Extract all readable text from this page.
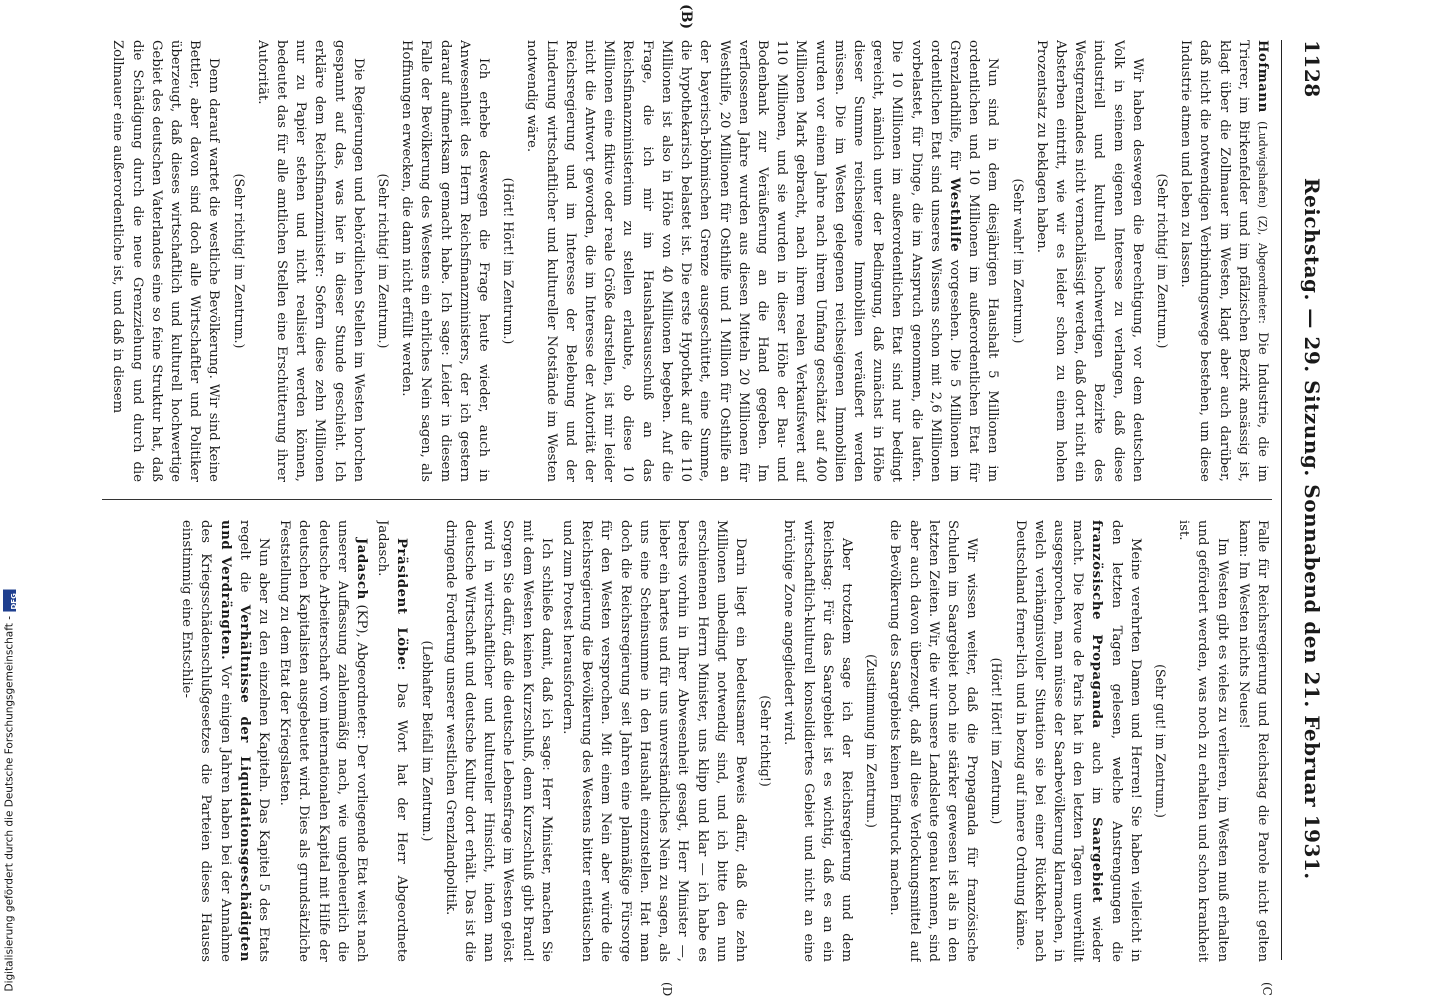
1128
Reichstag. — 29. Sitzung. Sonnabend den 21. Februar 1931.
(B)
(C
(D

Hofmann (Ludwigshafen) (Z), Abgeordneter: Die Industrie, die im Trierer, im Birkenfelder und im pfälzischen Bezirk ansässig ist, klagt über die Zollmauer im Westen, klagt aber auch darüber, daß nicht die notwendigen Verbindungswege bestehen, um diese Industrie atmen und leben zu lassen.

(Sehr richtig! im Zentrum.)

Wir haben deswegen die Berechtigung, vor dem deutschen Volk in seinem eigenen Interesse zu verlangen, daß diese industriell und kulturell hochwertigen Bezirke des Westgrenzlandes nicht vernachlässigt werden, daß dort nicht ein Absterben eintritt, wie wir es leider schon zu einem hohen Prozentsatz zu beklagen haben.

(Sehr wahr! im Zentrum.)

Nun sind in dem diesjährigen Haushalt 5 Millionen im ordentlichen und 10 Millionen im außerordentlichen Etat für Grenzlandhilfe, für Westhilfe vorgesehen. Die 5 Millionen im ordentlichen Etat sind unseres Wissens schon mit 2,6 Millionen vorbelastet, für Dinge, die im Anspruch genommen, die laufen. Die 10 Millionen im außerordentlichen Etat sind nur bedingt gereicht, nämlich unter der Bedingung, daß zunächst in Höhe dieser Summe reichseigene Immobilien veräußert werden müssen. Die im Westen gelegenen reichseigenen Immobilien wurden vor einem Jahre nach ihrem Umfang geschätzt auf 400 Millionen Mark gebracht, nach ihrem realen Verkaufswert auf 110 Millionen, und sie wurden in dieser Höhe der Bau- und Bodenbank zur Veräußerung an die Hand gegeben. Im verflossenen Jahre wurden aus diesen Mitteln 20 Millionen für Westhilfe, 20 Millionen für Osthilfe und 1 Million für Osthilfe an der bayerisch-böhmischen Grenze ausgeschüttet, eine Summe, die hypothekarisch belastet ist. Die erste Hypothek auf die 110 Millionen ist also in Höhe von 40 Millionen begeben. Auf die Frage, die ich mir im Haushaltsausschuß an das Reichsfinanzministerium zu stellen erlaubte, ob diese 10 Millionen eine fiktive oder reale Größe darstellen, ist mir leider nicht die Antwort geworden, die im Interesse der Autorität der Reichsregierung und im Interesse der Belebung und der Linderung wirtschaftlicher und kultureller Notstände im Westen notwendig wäre.

(Hört! Hört! im Zentrum.)

Ich erhebe deswegen die Frage heute wieder, auch in Anwesenheit des Herrn Reichsfinanzministers, der ich gestern darauf aufmerksam gemacht habe. Ich sage: Leider in diesem Falle der Bevölkerung des Westens ein ehrliches Nein sagen, als Hoffnungen erwecken, die dann nicht erfüllt werden.

(Sehr richtig! im Zentrum.)

Die Regierungen und behördlichen Stellen im Westen horchen gespannt auf das, was hier in dieser Stunde geschieht. Ich erkläre dem Reichsfinanzminister: Sofern diese zehn Millionen nur zu Papier stehen und nicht realisiert werden können, bedeutet das für alle amtlichen Stellen eine Erschütterung ihrer Autorität.

(Sehr richtig! im Zentrum.)

Denn darauf wartet die westliche Bevölkerung. Wir sind keine Bettler, aber davon sind doch alle Wirtschaftler und Politiker überzeugt, daß dieses wirtschaftlich und kulturell hochwertige Gebiet des deutschen Vaterlandes eine so feine Struktur hat, daß die Schädigung durch die neue Grenzziehung und durch die Zollmauer eine außerordentliche ist, und daß in diesem

Falle für Reichsregierung und Reichstag die Parole nicht gelten kann: Im Westen nichts Neues!

Im Westen gibt es vieles zu verlieren, im Westen muß erhalten und gefördert werden, was noch zu erhalten und schon krankheit ist.

(Sehr gut! im Zentrum.)

Meine verehrten Damen und Herren! Sie haben vielleicht in den letzten Tagen gelesen, welche Anstrengungen die französische Propaganda auch im Saargebiet wieder macht. Die Revue de Paris hat in den letzten Tagen unverhüllt ausgesprochen, man müsse der Saarbevölkerung klarmachen, in welch verhängnisvoller Situation sie bei einer Rückkehr nach Deutschland ferner-lich und in bezug auf innere Ordnung käme.

(Hört! Hört! im Zentrum.)

Wir wissen weiter, daß die Propaganda für französische Schulen im Saargebiet noch nie stärker gewesen ist als in den letzten Zeiten. Wir, die wir unsere Landsleute genau kennen, sind aber auch davon überzeugt, daß all diese Verlockungsmittel auf die Bevölkerung des Saargebiets keinen Eindruck machen.

(Zustimmung im Zentrum.)

Aber trotzdem sage ich der Reichsregierung und dem Reichstag: Für das Saargebiet ist es wichtig, daß es an ein wirtschaftlich-kulturell konsolidiertes Gebiet und nicht an eine brüchige Zone angegliedert wird.

(Sehr richtig!)

Darin liegt ein bedeutsamer Beweis dafür, daß die zehn Millionen unbedingt notwendig sind, und ich bitte den nun erschienenen Herrn Minister, uns klipp und klar — ich habe es bereits vorhin in Ihrer Abwesenheit gesagt, Herr Minister —, lieber ein hartes und für uns unverständliches Nein zu sagen, als uns eine Scheinsumme in den Haushalt einzustellen. Hat man doch die Reichsregierung seit Jahren eine planmäßige Fürsorge für den Westen versprochen. Mit einem Nein aber würde die Reichsregierung die Bevölkerung des Westens bitter enttäuschen und zum Protest herausfordern.

Ich schließe damit, daß ich sage: Herr Minister, machen Sie mit dem Westen keinen Kurzschluß, denn Kurzschluß gibt Brand! Sorgen Sie dafür, daß die deutsche Lebensfrage im Westen gelöst wird in wirtschaftlicher und kultureller Hinsicht, indem man deutsche Wirtschaft und deutsche Kultur dort erhält. Das ist die dringende Forderung unserer westlichen Grenzlandpolitik.

(Lebhafter Beifall im Zentrum.)

Präsident Löbe: Das Wort hat der Herr Abgeordnete Jadasch.

Jadasch (KP), Abgeordneter: Der vorliegende Etat weist nach unserer Auffassung zahlenmäßig nach, wie ungeheuerlich die deutsche Arbeiterschaft vom internationalen Kapital mit Hilfe der deutschen Kapitalisten ausgebeutet wird. Dies als grundsätzliche Feststellung zu dem Etat der Kriegslasten.

Nun aber zu den einzelnen Kapiteln. Das Kapitel 5 des Etats regelt die Verhältnisse der Liquidationsgeschädigten und Verdrängten. Vor einigen Jahren haben bei der Annahme des Kriegsschädenschlußgesetzes die Parteien dieses Hauses einstimmig eine Entschlie-

Digitalisierung gefördert durch die Deutsche Forschungsgemeinschaft -
DFG
